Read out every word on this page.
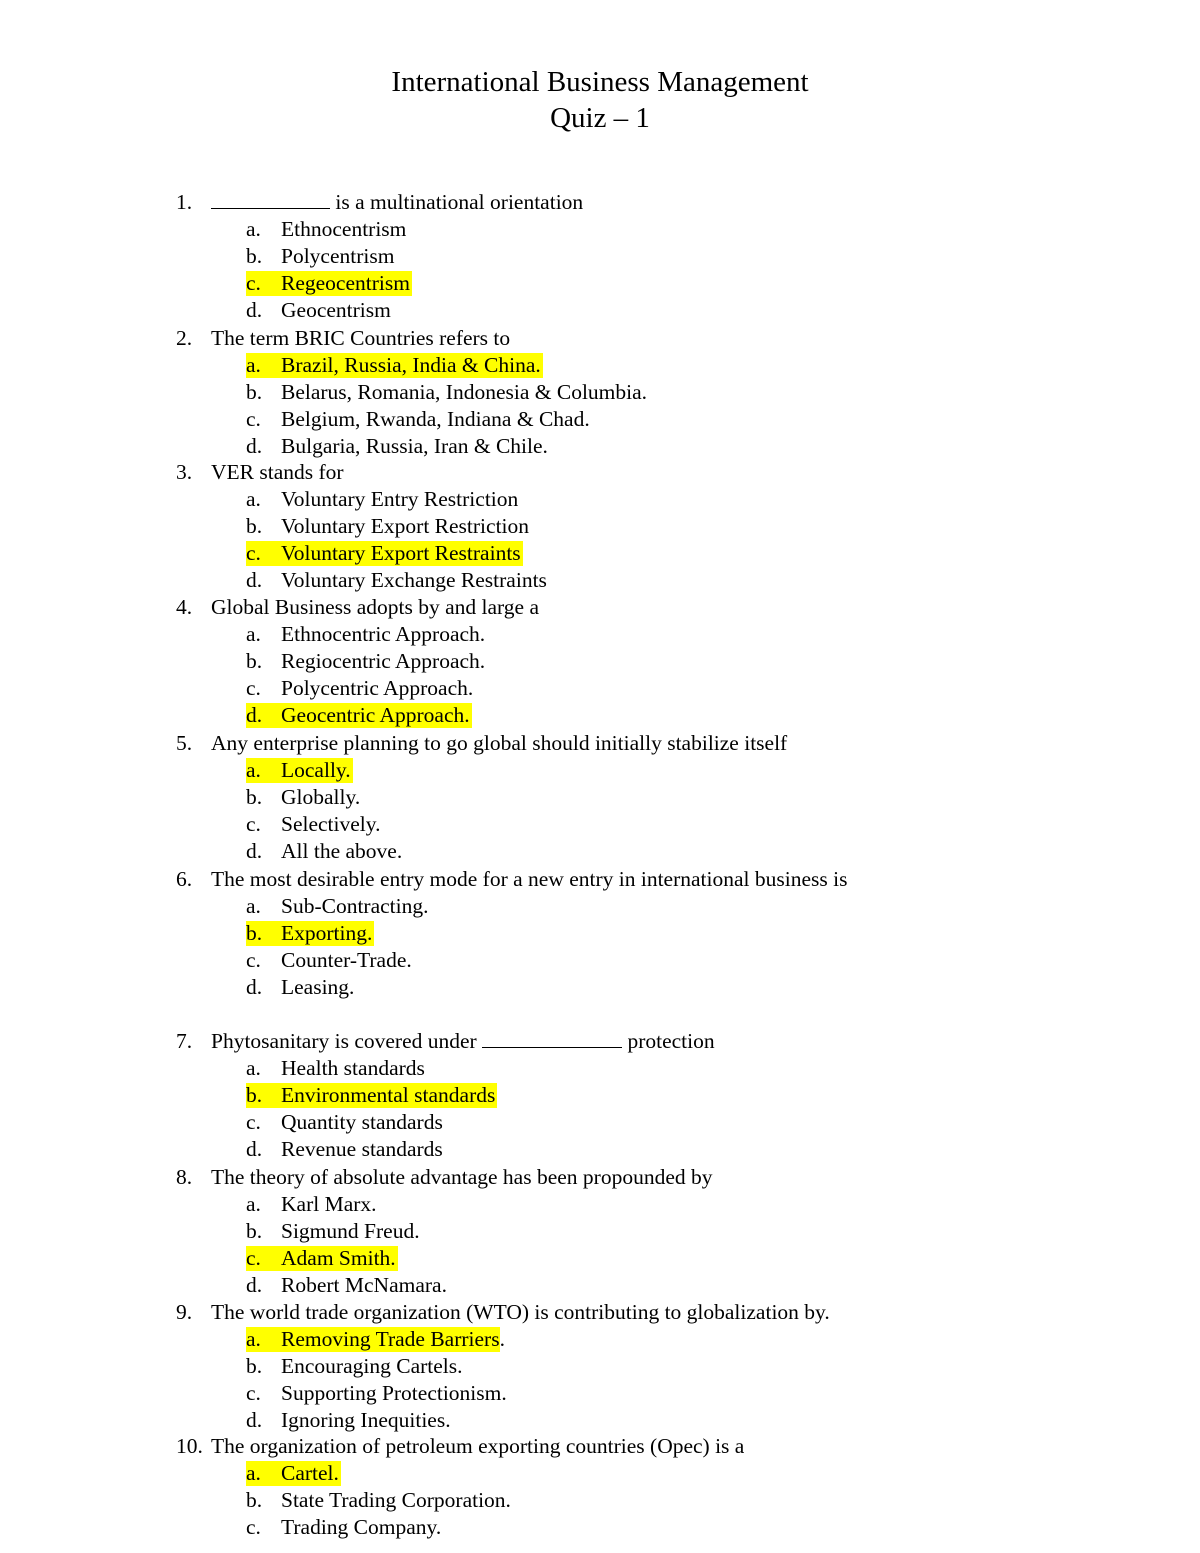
International Business Management
Quiz – 1
1.	is a multinational orientation
a. Ethnocentrism
b. Polycentrism
c. Regeocentrism
d. Geocentrism
2. The term BRIC Countries refers to
a. Brazil, Russia, India & China.
b. Belarus, Romania, Indonesia & Columbia.
c. Belgium, Rwanda, Indiana & Chad.
d. Bulgaria, Russia, Iran & Chile.
3. VER stands for
a. Voluntary Entry Restriction
b. Voluntary Export Restriction
c. Voluntary Export Restraints
d. Voluntary Exchange Restraints
4. Global Business adopts by and large a
a. Ethnocentric Approach.
b. Regiocentric Approach.
c. Polycentric Approach.
d. Geocentric Approach.
5. Any enterprise planning to go global should initially stabilize itself
a. Locally.
b. Globally.
c. Selectively.
d. All the above.
6. The most desirable entry mode for a new entry in international business is
a. Sub-Contracting.
b. Exporting.
c. Counter-Trade.
d. Leasing.
7. Phytosanitary is covered under	protection
a. Health standards
b. Environmental standards
c. Quantity standards
d. Revenue standards
8. The theory of absolute advantage has been propounded by
a. Karl Marx.
b. Sigmund Freud.
c. Adam Smith.
d. Robert McNamara.
9. The world trade organization (WTO) is contributing to globalization by.
a. Removing Trade Barriers.
b. Encouraging Cartels.
c. Supporting Protectionism.
d. Ignoring Inequities.
10. The organization of petroleum exporting countries (Opec) is a
a. Cartel.
b. State Trading Corporation.
c. Trading Company.
